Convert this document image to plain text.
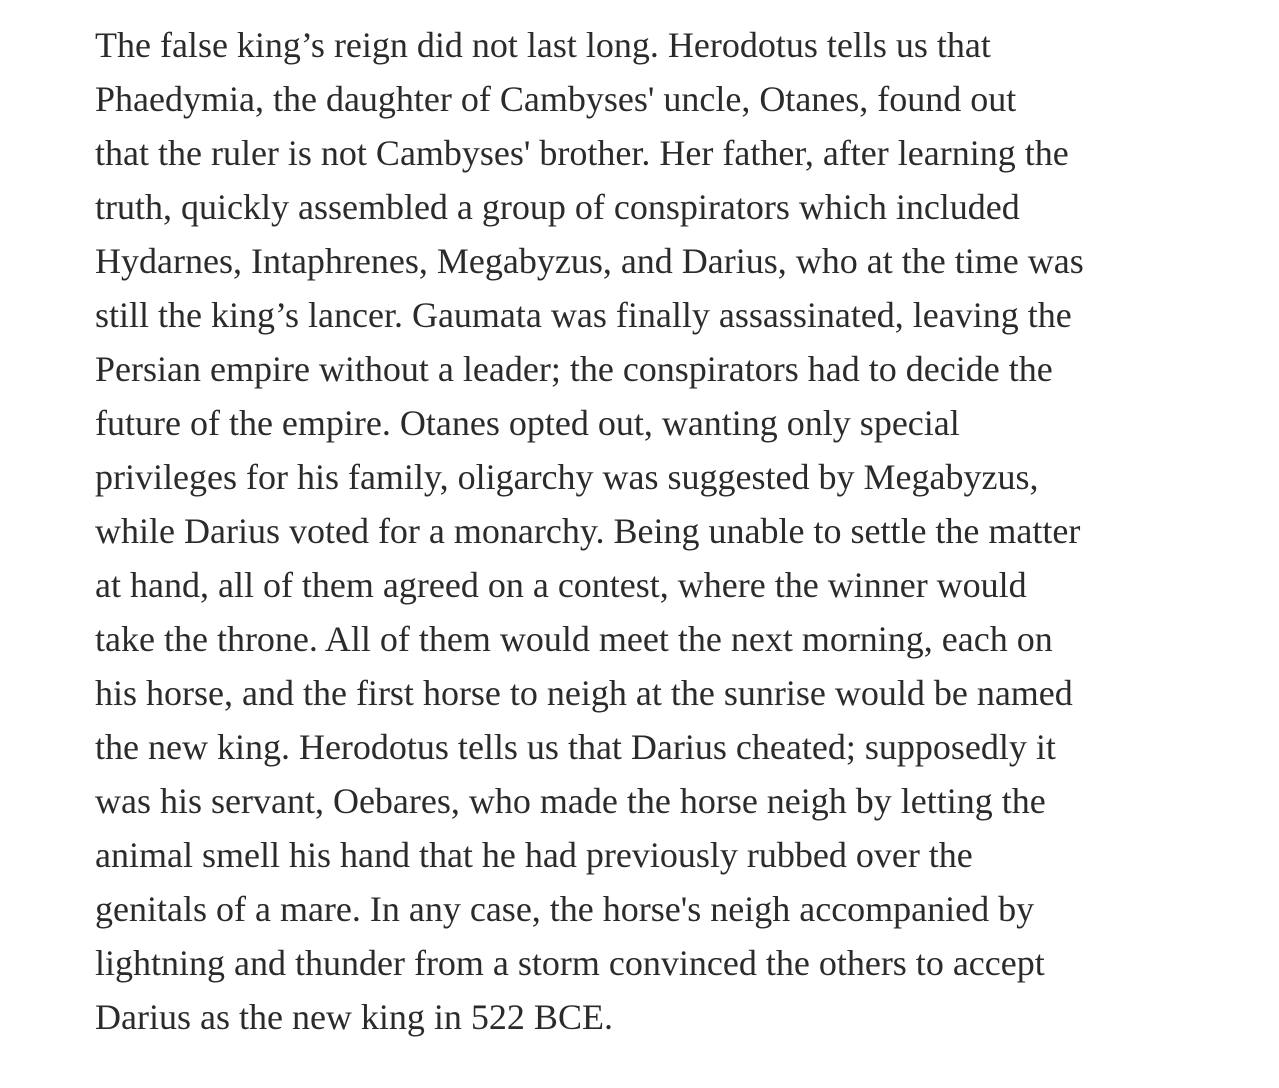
The false king’s reign did not last long. Herodotus tells us that
Phaedymia, the daughter of Cambyses' uncle, Otanes, found out
that the ruler is not Cambyses' brother. Her father, after learning the
truth, quickly assembled a group of conspirators which included
Hydarnes, Intaphrenes, Megabyzus, and Darius, who at the time was
still the king’s lancer. Gaumata was finally assassinated, leaving the
Persian empire without a leader; the conspirators had to decide the
future of the empire. Otanes opted out, wanting only special
privileges for his family, oligarchy was suggested by Megabyzus,
while Darius voted for a monarchy. Being unable to settle the matter
at hand, all of them agreed on a contest, where the winner would
take the throne. All of them would meet the next morning, each on
his horse, and the first horse to neigh at the sunrise would be named
the new king. Herodotus tells us that Darius cheated; supposedly it
was his servant, Oebares, who made the horse neigh by letting the
animal smell his hand that he had previously rubbed over the
genitals of a mare. In any case, the horse's neigh accompanied by
lightning and thunder from a storm convinced the others to accept
Darius as the new king in 522 BCE.
